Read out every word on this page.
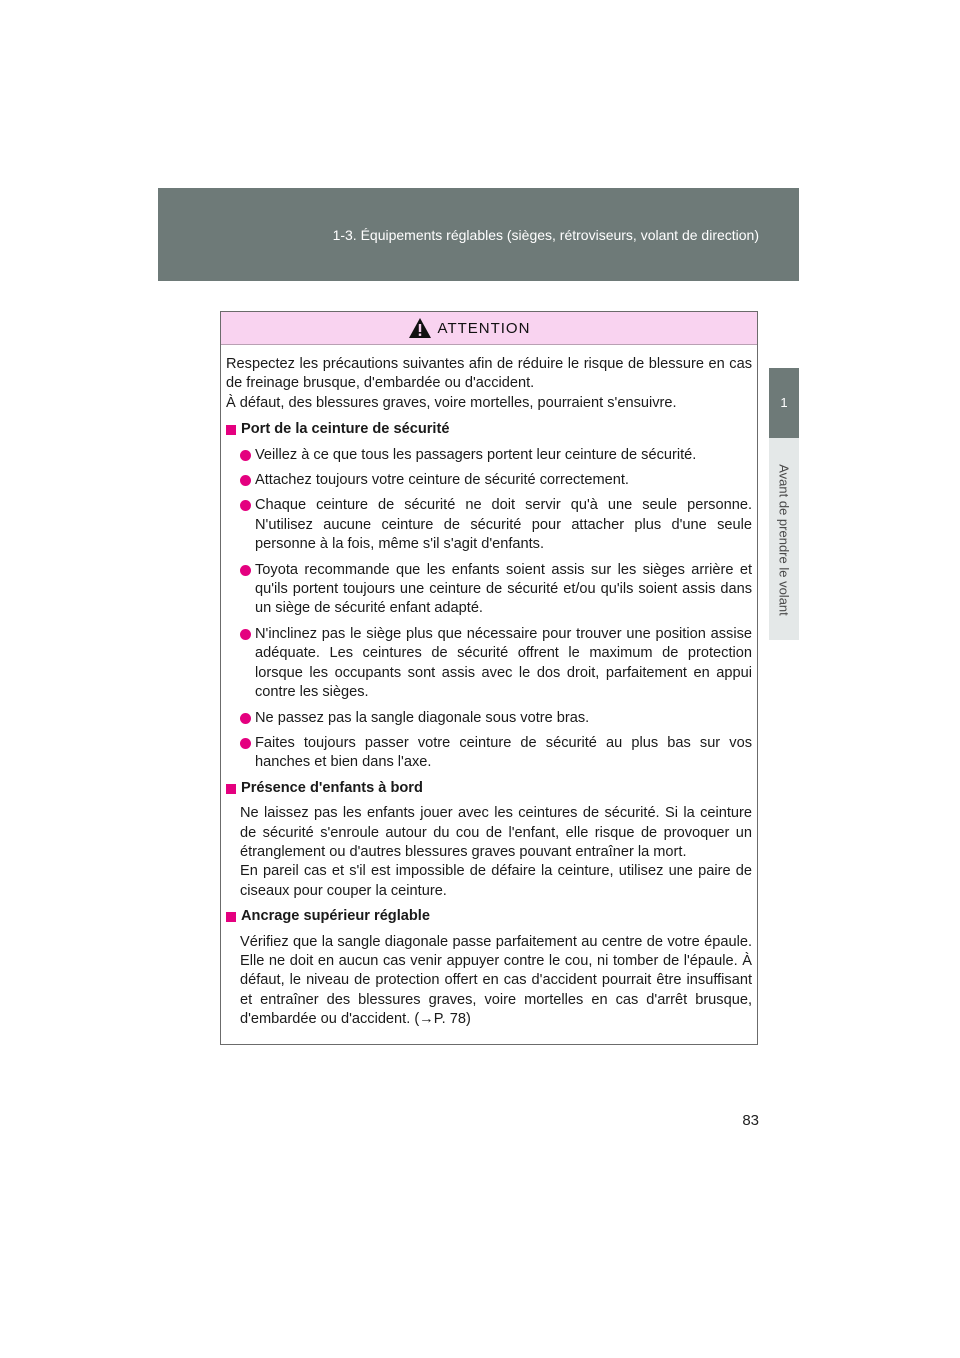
1-3. Équipements réglables (sièges, rétroviseurs, volant de direction)
1
Avant de prendre le volant
ATTENTION

Respectez les précautions suivantes afin de réduire le risque de blessure en cas de freinage brusque, d'embardée ou d'accident.

À défaut, des blessures graves, voire mortelles, pourraient s'ensuivre.

Port de la ceinture de sécurité
Veillez à ce que tous les passagers portent leur ceinture de sécurité.
Attachez toujours votre ceinture de sécurité correctement.
Chaque ceinture de sécurité ne doit servir qu'à une seule personne. N'utilisez aucune ceinture de sécurité pour attacher plus d'une seule personne à la fois, même s'il s'agit d'enfants.
Toyota recommande que les enfants soient assis sur les sièges arrière et qu'ils portent toujours une ceinture de sécurité et/ou qu'ils soient assis dans un siège de sécurité enfant adapté.
N'inclinez pas le siège plus que nécessaire pour trouver une position assise adéquate. Les ceintures de sécurité offrent le maximum de protection lorsque les occupants sont assis avec le dos droit, parfaitement en appui contre les sièges.
Ne passez pas la sangle diagonale sous votre bras.
Faites toujours passer votre ceinture de sécurité au plus bas sur vos hanches et bien dans l'axe.
Présence d'enfants à bord

Ne laissez pas les enfants jouer avec les ceintures de sécurité. Si la ceinture de sécurité s'enroule autour du cou de l'enfant, elle risque de provoquer un étranglement ou d'autres blessures graves pouvant entraîner la mort.

En pareil cas et s'il est impossible de défaire la ceinture, utilisez une paire de ciseaux pour couper la ceinture.

Ancrage supérieur réglable

Vérifiez que la sangle diagonale passe parfaitement au centre de votre épaule. Elle ne doit en aucun cas venir appuyer contre le cou, ni tomber de l'épaule. À défaut, le niveau de protection offert en cas d'accident pourrait être insuffisant et entraîner des blessures graves, voire mortelles en cas d'arrêt brusque, d'embardée ou d'accident. (→P. 78)

83
